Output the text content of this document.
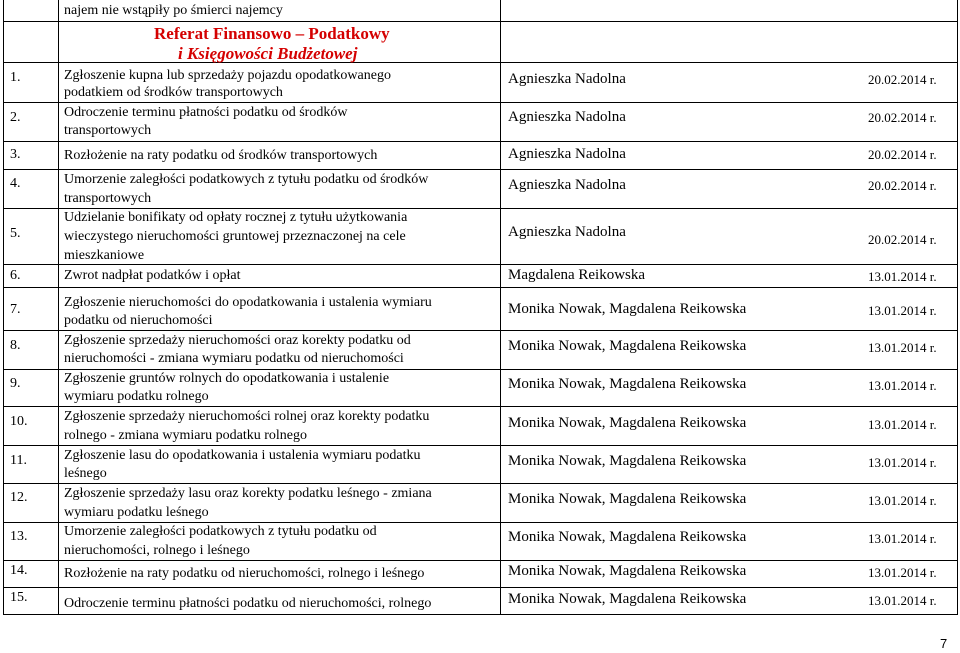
najem nie wstąpiły po śmierci najemcy
Referat Finansowo – Podatkowy
i Księgowości Budżetowej
1.	Zgłoszenie kupna lub sprzedaży pojazdu opodatkowanego
podatkiem od środków transportowych
Agnieszka Nadolna	20.02.2014 r.
2.	Odroczenie terminu płatności podatku od środków
transportowych
Agnieszka Nadolna	20.02.2014 r.
3.	Rozłożenie na raty podatku od środków transportowych	Agnieszka Nadolna	20.02.2014 r.
4.	Umorzenie zaległości podatkowych z tytułu podatku od środków
transportowych
Agnieszka Nadolna	20.02.2014 r.
5.
Udzielanie bonifikaty od opłaty rocznej z tytułu użytkowania
wieczystego nieruchomości gruntowej przeznaczonej na cele
mieszkaniowe
Agnieszka Nadolna	20.02.2014 r.
6.	Zwrot nadpłat podatków i opłat	Magdalena Reikowska	13.01.2014 r.
7.	Zgłoszenie nieruchomości do opodatkowania i ustalenia wymiaru
podatku od nieruchomości
Monika Nowak, Magdalena Reikowska	13.01.2014 r.
8.	Zgłoszenie sprzedaży nieruchomości oraz korekty podatku od
nieruchomości - zmiana wymiaru podatku od nieruchomości
Monika Nowak, Magdalena Reikowska	13.01.2014 r.
9.	Zgłoszenie gruntów rolnych do opodatkowania i ustalenie
wymiaru podatku rolnego
Monika Nowak, Magdalena Reikowska	13.01.2014 r.
10.	Zgłoszenie sprzedaży nieruchomości rolnej oraz korekty podatku
rolnego - zmiana wymiaru podatku rolnego
Monika Nowak, Magdalena Reikowska	13.01.2014 r.
11.	Zgłoszenie lasu do opodatkowania i ustalenia wymiaru podatku
leśnego
Monika Nowak, Magdalena Reikowska	13.01.2014 r.
12.	Zgłoszenie sprzedaży lasu oraz korekty podatku leśnego - zmiana
wymiaru podatku leśnego
Monika Nowak, Magdalena Reikowska	13.01.2014 r.
13.	Umorzenie zaległości podatkowych z tytułu podatku od
nieruchomości, rolnego i leśnego
Monika Nowak, Magdalena Reikowska	13.01.2014 r.
14.	Rozłożenie na raty podatku od nieruchomości, rolnego i leśnego	Monika Nowak, Magdalena Reikowska	13.01.2014 r.
15.	Odroczenie terminu płatności podatku od nieruchomości, rolnego	Monika Nowak, Magdalena Reikowska	13.01.2014 r.
7
